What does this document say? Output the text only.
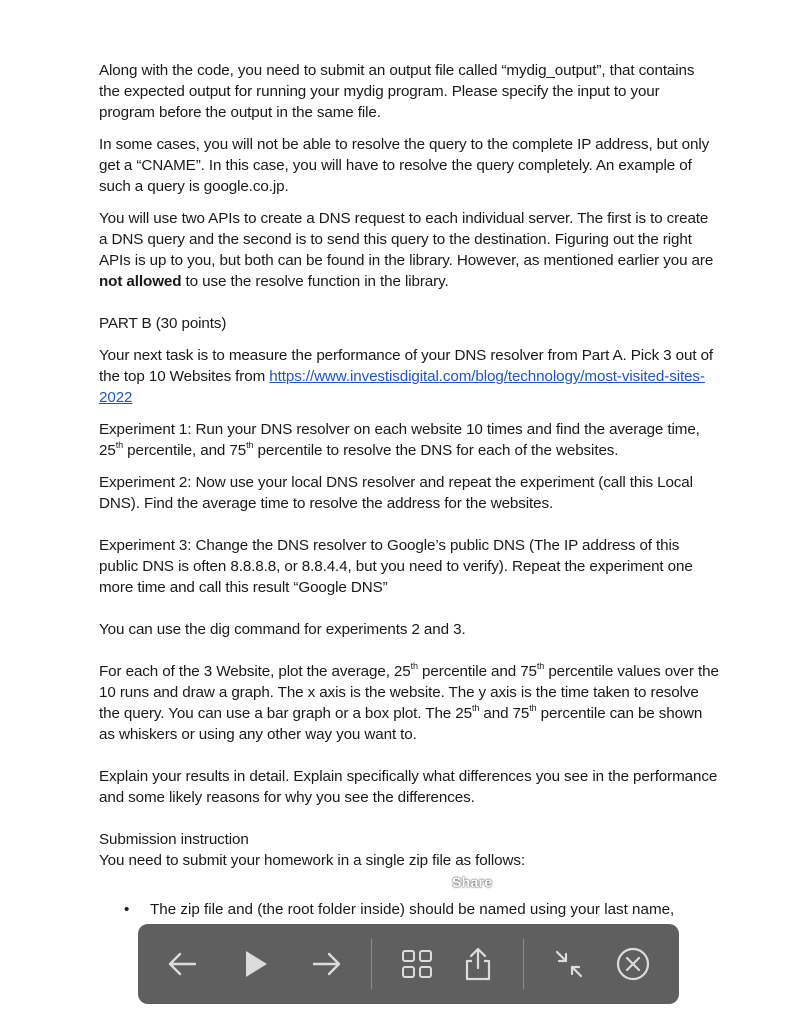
Along with the code, you need to submit an output file called “mydig_output”, that contains the expected output for running your mydig program. Please specify the input to your program before the output in the same file.

In some cases, you will not be able to resolve the query to the complete IP address, but only get a “CNAME”. In this case, you will have to resolve the query completely. An example of such a query is google.co.jp.

You will use two APIs to create a DNS request to each individual server. The first is to create a DNS query and the second is to send this query to the destination. Figuring out the right APIs is up to you, but both can be found in the library. However, as mentioned earlier you are not allowed to use the resolve function in the library.

PART B (30 points)

Your next task is to measure the performance of your DNS resolver from Part A. Pick 3 out of the top 10 Websites from https://www.investisdigital.com/blog/technology/most-visited-sites-2022

Experiment 1: Run your DNS resolver on each website 10 times and find the average time, 25th percentile, and 75th percentile to resolve the DNS for each of the websites.

Experiment 2: Now use your local DNS resolver and repeat the experiment (call this Local DNS). Find the average time to resolve the address for the websites.

Experiment 3: Change the DNS resolver to Google’s public DNS (The IP address of this public DNS is often 8.8.8.8, or 8.8.4.4, but you need to verify). Repeat the experiment one more time and call this result “Google DNS”

You can use the dig command for experiments 2 and 3.

For each of the 3 Website, plot the average, 25th percentile and 75th percentile values over the 10 runs and draw a graph. The x axis is the website. The y axis is the time taken to resolve the query. You can use a bar graph or a box plot. The 25th and 75th percentile can be shown as whiskers or using any other way you want to.

Explain your results in detail. Explain specifically what differences you see in the performance and some likely reasons for why you see the differences.

Submission instruction

You need to submit your homework in a single zip file as follows:

•	The zip file and (the root folder inside) should be named using your last name,
Share
